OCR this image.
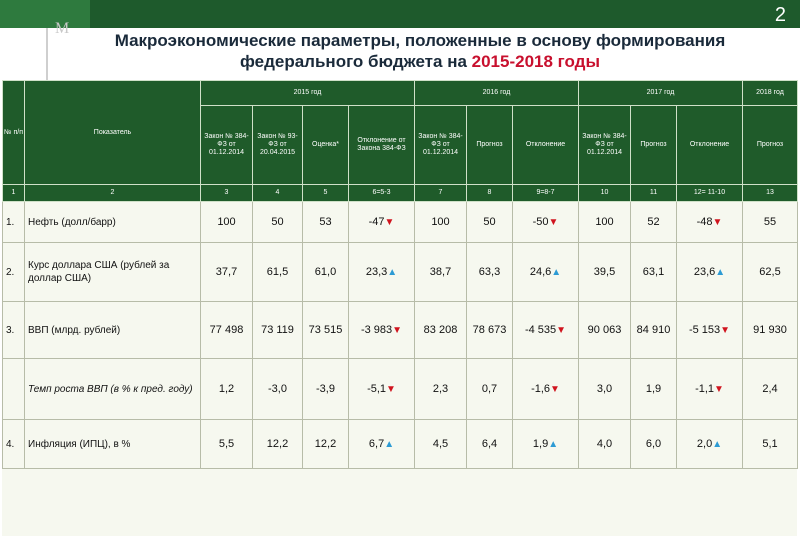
2
М
Макроэкономические параметры, положенные в основу формирования
федерального бюджета на 2015-2018 годы
№ п/п	Показатель	2015 год				2016 год			2017 год			2018 год
		Закон № 384-ФЗ от 01.12.2014	Закон № 93-ФЗ от 20.04.2015	Оценка*	Отклонение от Закона 384-ФЗ	Закон № 384-ФЗ от 01.12.2014	Прогноз	Отклонение	Закон № 384-ФЗ от 01.12.2014	Прогноз	Отклонение	Прогноз
1	2	3	4	5	6=5-3	7	8	9=8-7	10	11	12= 11-10	13
1.	Нефть (долл/барр)	100	50	53	-47▼	100	50	-50▼	100	52	-48▼	55
2.	Курс доллара США (рублей за доллар США)	37,7	61,5	61,0	23,3▲	38,7	63,3	24,6▲	39,5	63,1	23,6▲	62,5
3.	ВВП (млрд. рублей)	77 498	73 119	73 515	-3 983▼	83 208	78 673	-4 535▼	90 063	84 910	-5 153▼	91 930
	Темп роста ВВП (в % к пред. году)	1,2	-3,0	-3,9	-5,1▼	2,3	0,7	-1,6▼	3,0	1,9	-1,1▼	2,4
4.	Инфляция (ИПЦ), в %	5,5	12,2	12,2	6,7▲	4,5	6,4	1,9▲	4,0	6,0	2,0▲	5,1
